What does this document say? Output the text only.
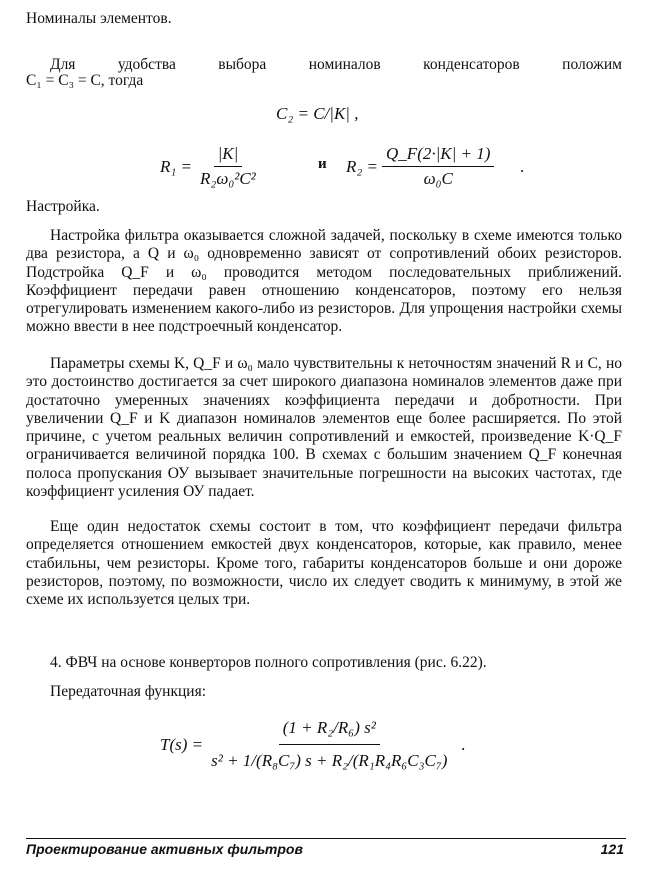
Номиналы элементов.

Для	удобства	выбора	номиналов	конденсаторов	положим

C₁ = C₃ = C, тогда

C₂ = C/|K| ,
$R_1 = \frac{|K|}{\text{R₂ω₀²C²}}$	и $R_2 = \frac{Q\_F(2\cdot|K| + 1)}{\text{ω₀C}}$ .

Настройка.

Настройка фильтра оказывается сложной задачей, поскольку в схеме имеются только два резистора, а Q и ω₀ одновременно зависят от сопротивлений обоих резисторов. Подстройка Q_F и ω₀ проводится методом последовательных приближений. Коэффициент передачи равен отношению конденсаторов, поэтому его нельзя отрегулировать изменением какого-либо из резисторов. Для упрощения настройки схемы можно ввести в нее подстроечный конденсатор.

Параметры схемы K, Q_F и ω₀ мало чувствительны к неточностям значений R и C, но это достоинство достигается за счет широкого диапазона номиналов элементов даже при достаточно умеренных значениях коэффициента передачи и добротности. При увеличении Q_F и K диапазон номиналов элементов еще более расширяется. По этой причине, с учетом реальных величин сопротивлений и емкостей, произведение K·Q_F ограничивается величиной порядка 100. В схемах с большим значением Q_F конечная полоса пропускания ОУ вызывает значительные погрешности на высоких частотах, где коэффициент усиления ОУ падает.

Еще один недостаток схемы состоит в том, что коэффициент передачи фильтра определяется отношением емкостей двух конденсаторов, которые, как правило, менее стабильны, чем резисторы. Кроме того, габариты конденсаторов больше и они дороже резисторов, поэтому, по возможности, число их следует сводить к минимуму, в этой же схеме их используется целых три.

4. ФВЧ на основе конверторов полного сопротивления (рис. 6.22).

Передаточная функция:

$T(s) = \frac{\text{(1 + R₂/R₆) s²}}{\text{s² + 1/(R₈C₇) s + R₂/(R₁R₄R₆C₃C₇)}}$ .
Проектирование активных фильтров	121
